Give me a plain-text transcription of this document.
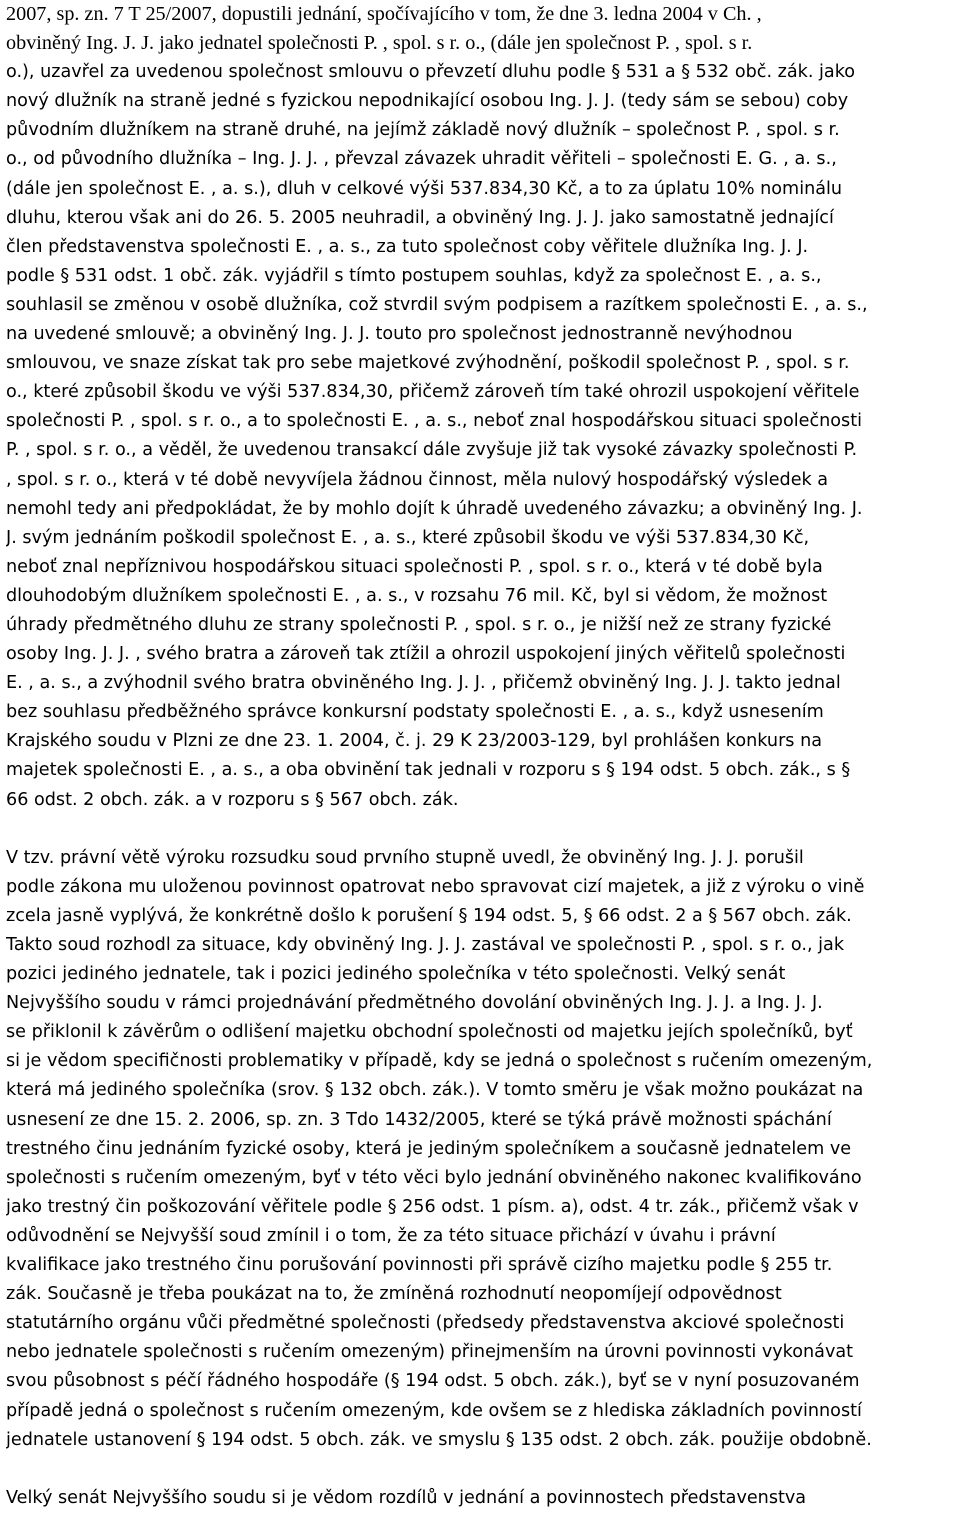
2007, sp. zn. 7 T 25/2007, dopustili jednání, spočívajícího v tom, že dne 3. ledna 2004 v Ch. ,
obviněný Ing. J. J. jako jednatel společnosti P. , spol. s r. o., (dále jen společnost P. , spol. s r.
o.), uzavřel za uvedenou společnost smlouvu o převzetí dluhu podle § 531 a § 532 obč. zák. jako
nový dlužník na straně jedné s fyzickou nepodnikající osobou Ing. J. J. (tedy sám se sebou) coby
původním dlužníkem na straně druhé, na jejímž základě nový dlužník – společnost P. , spol. s r.
o., od původního dlužníka – Ing. J. J. , převzal závazek uhradit věřiteli – společnosti E. G. , a. s.,
(dále jen společnost E. , a. s.), dluh v celkové výši 537.834,30 Kč, a to za úplatu 10% nominálu
dluhu, kterou však ani do 26. 5. 2005 neuhradil, a obviněný Ing. J. J. jako samostatně jednající
člen představenstva společnosti E. , a. s., za tuto společnost coby věřitele dlužníka Ing. J. J.
podle § 531 odst. 1 obč. zák. vyjádřil s tímto postupem souhlas, když za společnost E. , a. s.,
souhlasil se změnou v osobě dlužníka, což stvrdil svým podpisem a razítkem společnosti E. , a. s.,
na uvedené smlouvě; a obviněný Ing. J. J. touto pro společnost jednostranně nevýhodnou
smlouvou, ve snaze získat tak pro sebe majetkové zvýhodnění, poškodil společnost P. , spol. s r.
o., které způsobil škodu ve výši 537.834,30, přičemž zároveň tím také ohrozil uspokojení věřitele
společnosti P. , spol. s r. o., a to společnosti E. , a. s., neboť znal hospodářskou situaci společnosti
P. , spol. s r. o., a věděl, že uvedenou transakcí dále zvyšuje již tak vysoké závazky společnosti P.
, spol. s r. o., která v té době nevyvíjela žádnou činnost, měla nulový hospodářský výsledek a
nemohl tedy ani předpokládat, že by mohlo dojít k úhradě uvedeného závazku; a obviněný Ing. J.
J. svým jednáním poškodil společnost E. , a. s., které způsobil škodu ve výši 537.834,30 Kč,
neboť znal nepříznivou hospodářskou situaci společnosti P. , spol. s r. o., která v té době byla
dlouhodobým dlužníkem společnosti E. , a. s., v rozsahu 76 mil. Kč, byl si vědom, že možnost
úhrady předmětného dluhu ze strany společnosti P. , spol. s r. o., je nižší než ze strany fyzické
osoby Ing. J. J. , svého bratra a zároveň tak ztížil a ohrozil uspokojení jiných věřitelů společnosti
E. , a. s., a zvýhodnil svého bratra obviněného Ing. J. J. , přičemž obviněný Ing. J. J. takto jednal
bez souhlasu předběžného správce konkursní podstaty společnosti E. , a. s., když usnesením
Krajského soudu v Plzni ze dne 23. 1. 2004, č. j. 29 K 23/2003-129, byl prohlášen konkurs na
majetek společnosti E. , a. s., a oba obvinění tak jednali v rozporu s § 194 odst. 5 obch. zák., s §
66 odst. 2 obch. zák. a v rozporu s § 567 obch. zák.
V tzv. právní větě výroku rozsudku soud prvního stupně uvedl, že obviněný Ing. J. J. porušil
podle zákona mu uloženou povinnost opatrovat nebo spravovat cizí majetek, a již z výroku o vině
zcela jasně vyplývá, že konkrétně došlo k porušení § 194 odst. 5, § 66 odst. 2 a § 567 obch. zák.
Takto soud rozhodl za situace, kdy obviněný Ing. J. J. zastával ve společnosti P. , spol. s r. o., jak
pozici jediného jednatele, tak i pozici jediného společníka v této společnosti. Velký senát
Nejvyššího soudu v rámci projednávání předmětného dovolání obviněných Ing. J. J. a Ing. J. J.
se přiklonil k závěrům o odlišení majetku obchodní společnosti od majetku jejích společníků, byť
si je vědom specifičnosti problematiky v případě, kdy se jedná o společnost s ručením omezeným,
která má jediného společníka (srov. § 132 obch. zák.). V tomto směru je však možno poukázat na
usnesení ze dne 15. 2. 2006, sp. zn. 3 Tdo 1432/2005, které se týká právě možnosti spáchání
trestného činu jednáním fyzické osoby, která je jediným společníkem a současně jednatelem ve
společnosti s ručením omezeným, byť v této věci bylo jednání obviněného nakonec kvalifikováno
jako trestný čin poškozování věřitele podle § 256 odst. 1 písm. a), odst. 4 tr. zák., přičemž však v
odůvodnění se Nejvyšší soud zmínil i o tom, že za této situace přichází v úvahu i právní
kvalifikace jako trestného činu porušování povinnosti při správě cizího majetku podle § 255 tr.
zák. Současně je třeba poukázat na to, že zmíněná rozhodnutí neopomíjejí odpovědnost
statutárního orgánu vůči předmětné společnosti (předsedy představenstva akciové společnosti
nebo jednatele společnosti s ručením omezeným) přinejmenším na úrovni povinnosti vykonávat
svou působnost s péčí řádného hospodáře (§ 194 odst. 5 obch. zák.), byť se v nyní posuzovaném
případě jedná o společnost s ručením omezeným, kde ovšem se z hlediska základních povinností
jednatele ustanovení § 194 odst. 5 obch. zák. ve smyslu § 135 odst. 2 obch. zák. použije obdobně.
Velký senát Nejvyššího soudu si je vědom rozdílů v jednání a povinnostech představenstva
